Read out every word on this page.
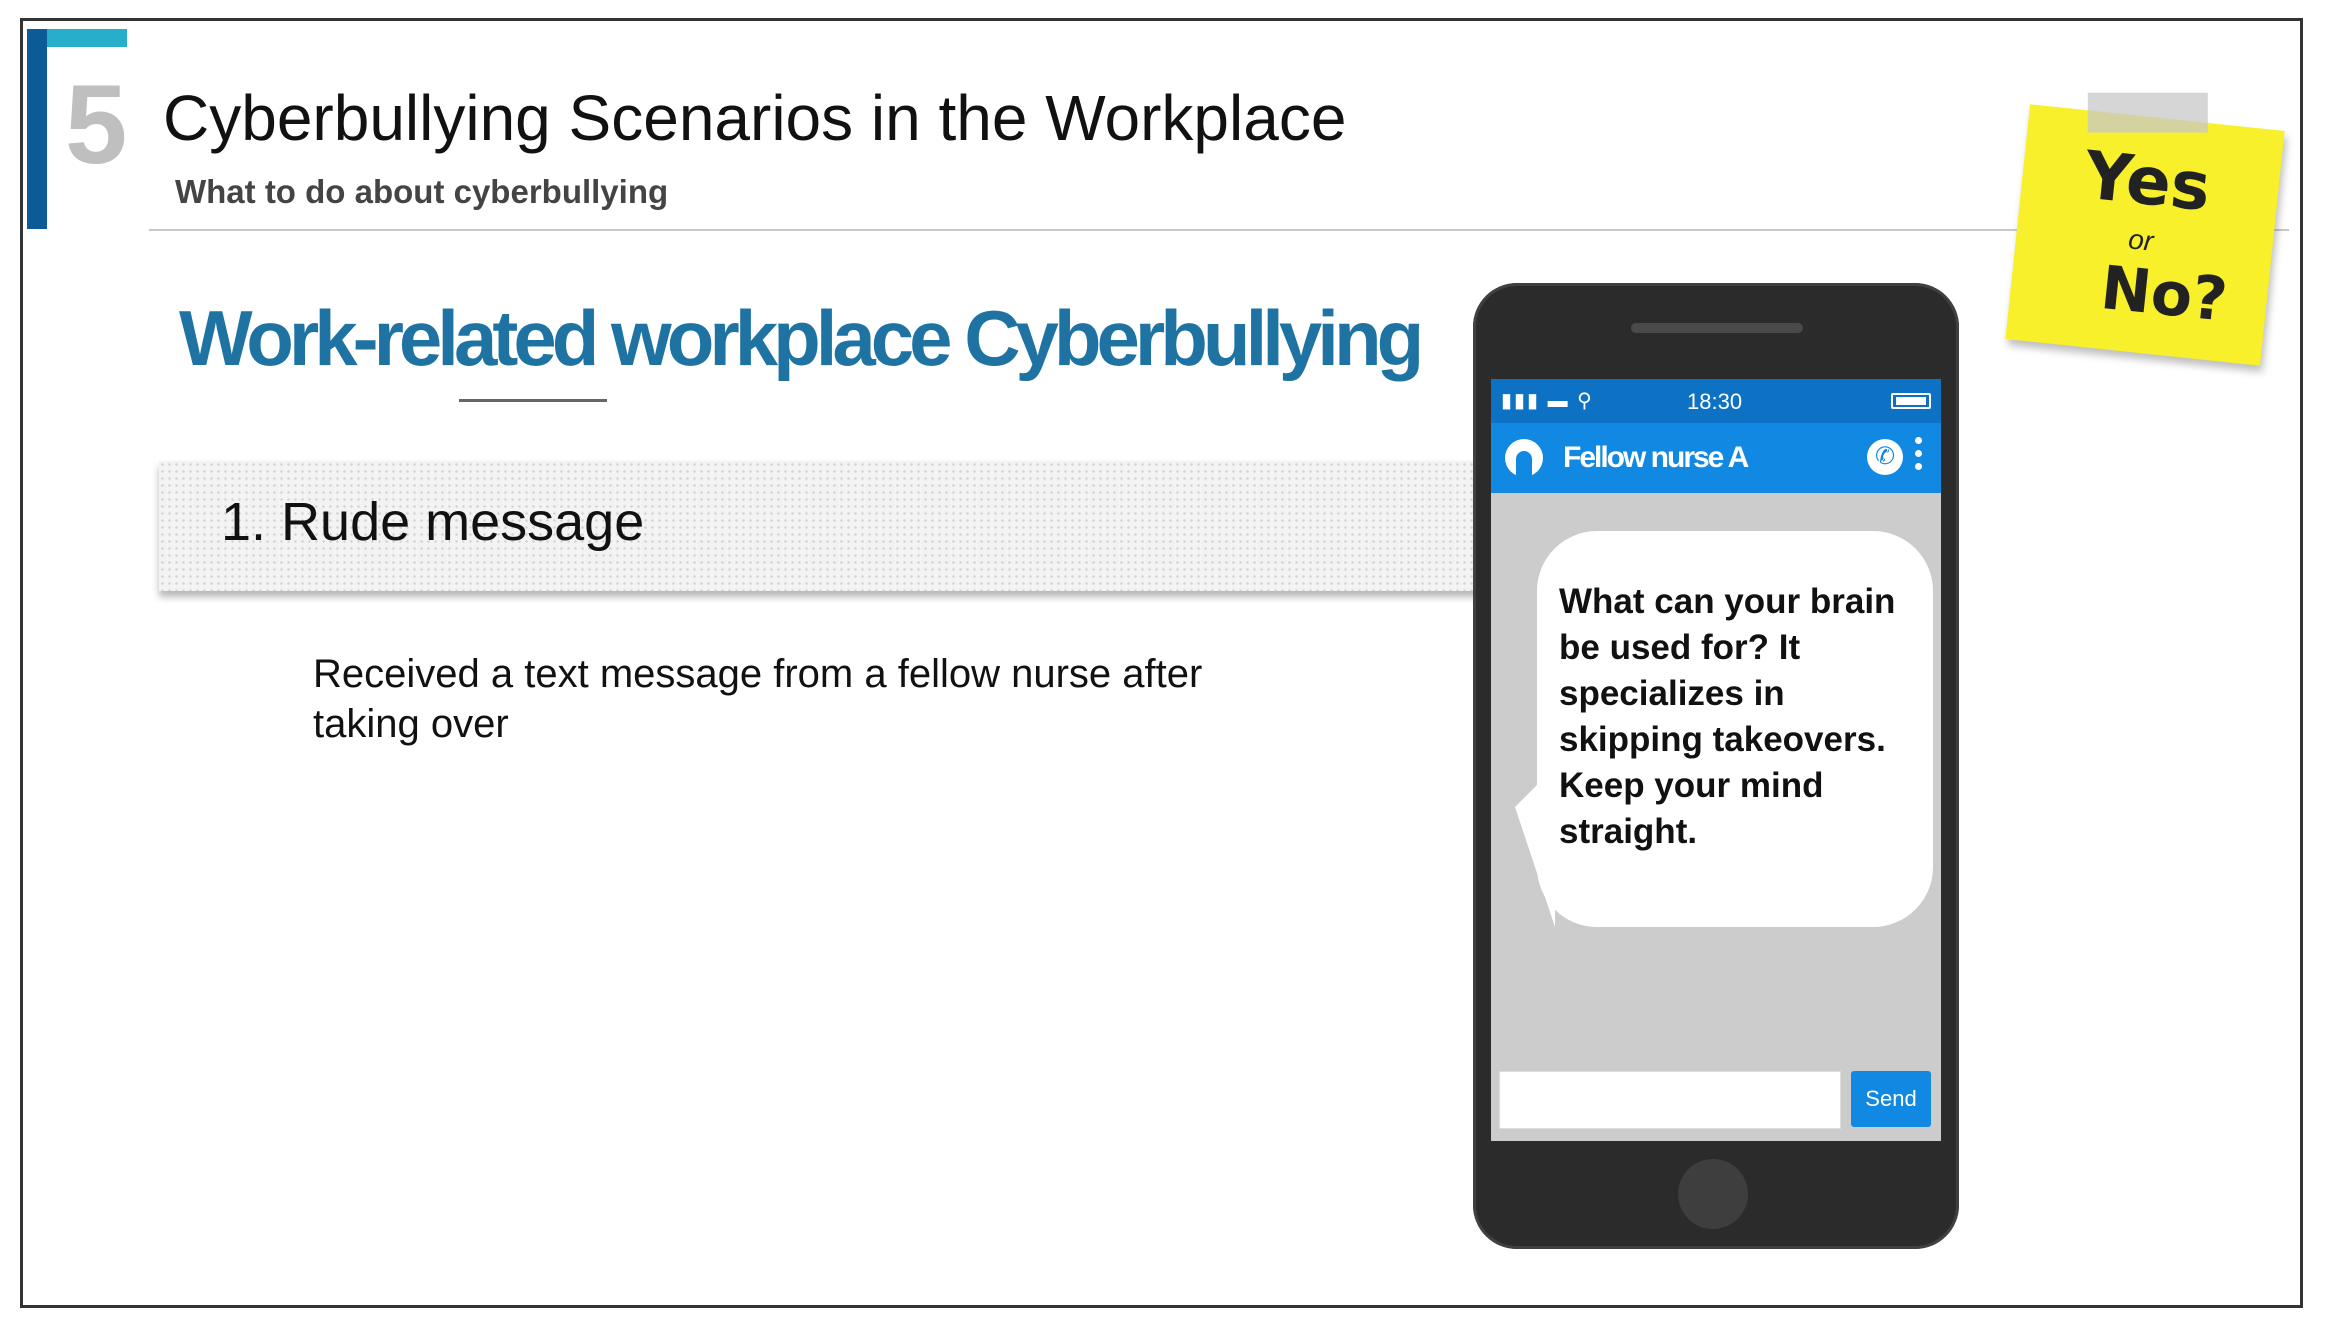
5 Cyberbullying Scenarios in the Workplace
What to do about cyberbullying
Work-related workplace Cyberbullying
1. Rude message
Received a text message from a fellow nurse after taking over
Yes
or
No?
▮▮▮ ▬ ⚲	18:30
Fellow nurse A	✆
What can your brain be used for? It specializes in skipping takeovers. Keep your mind straight.
Send
